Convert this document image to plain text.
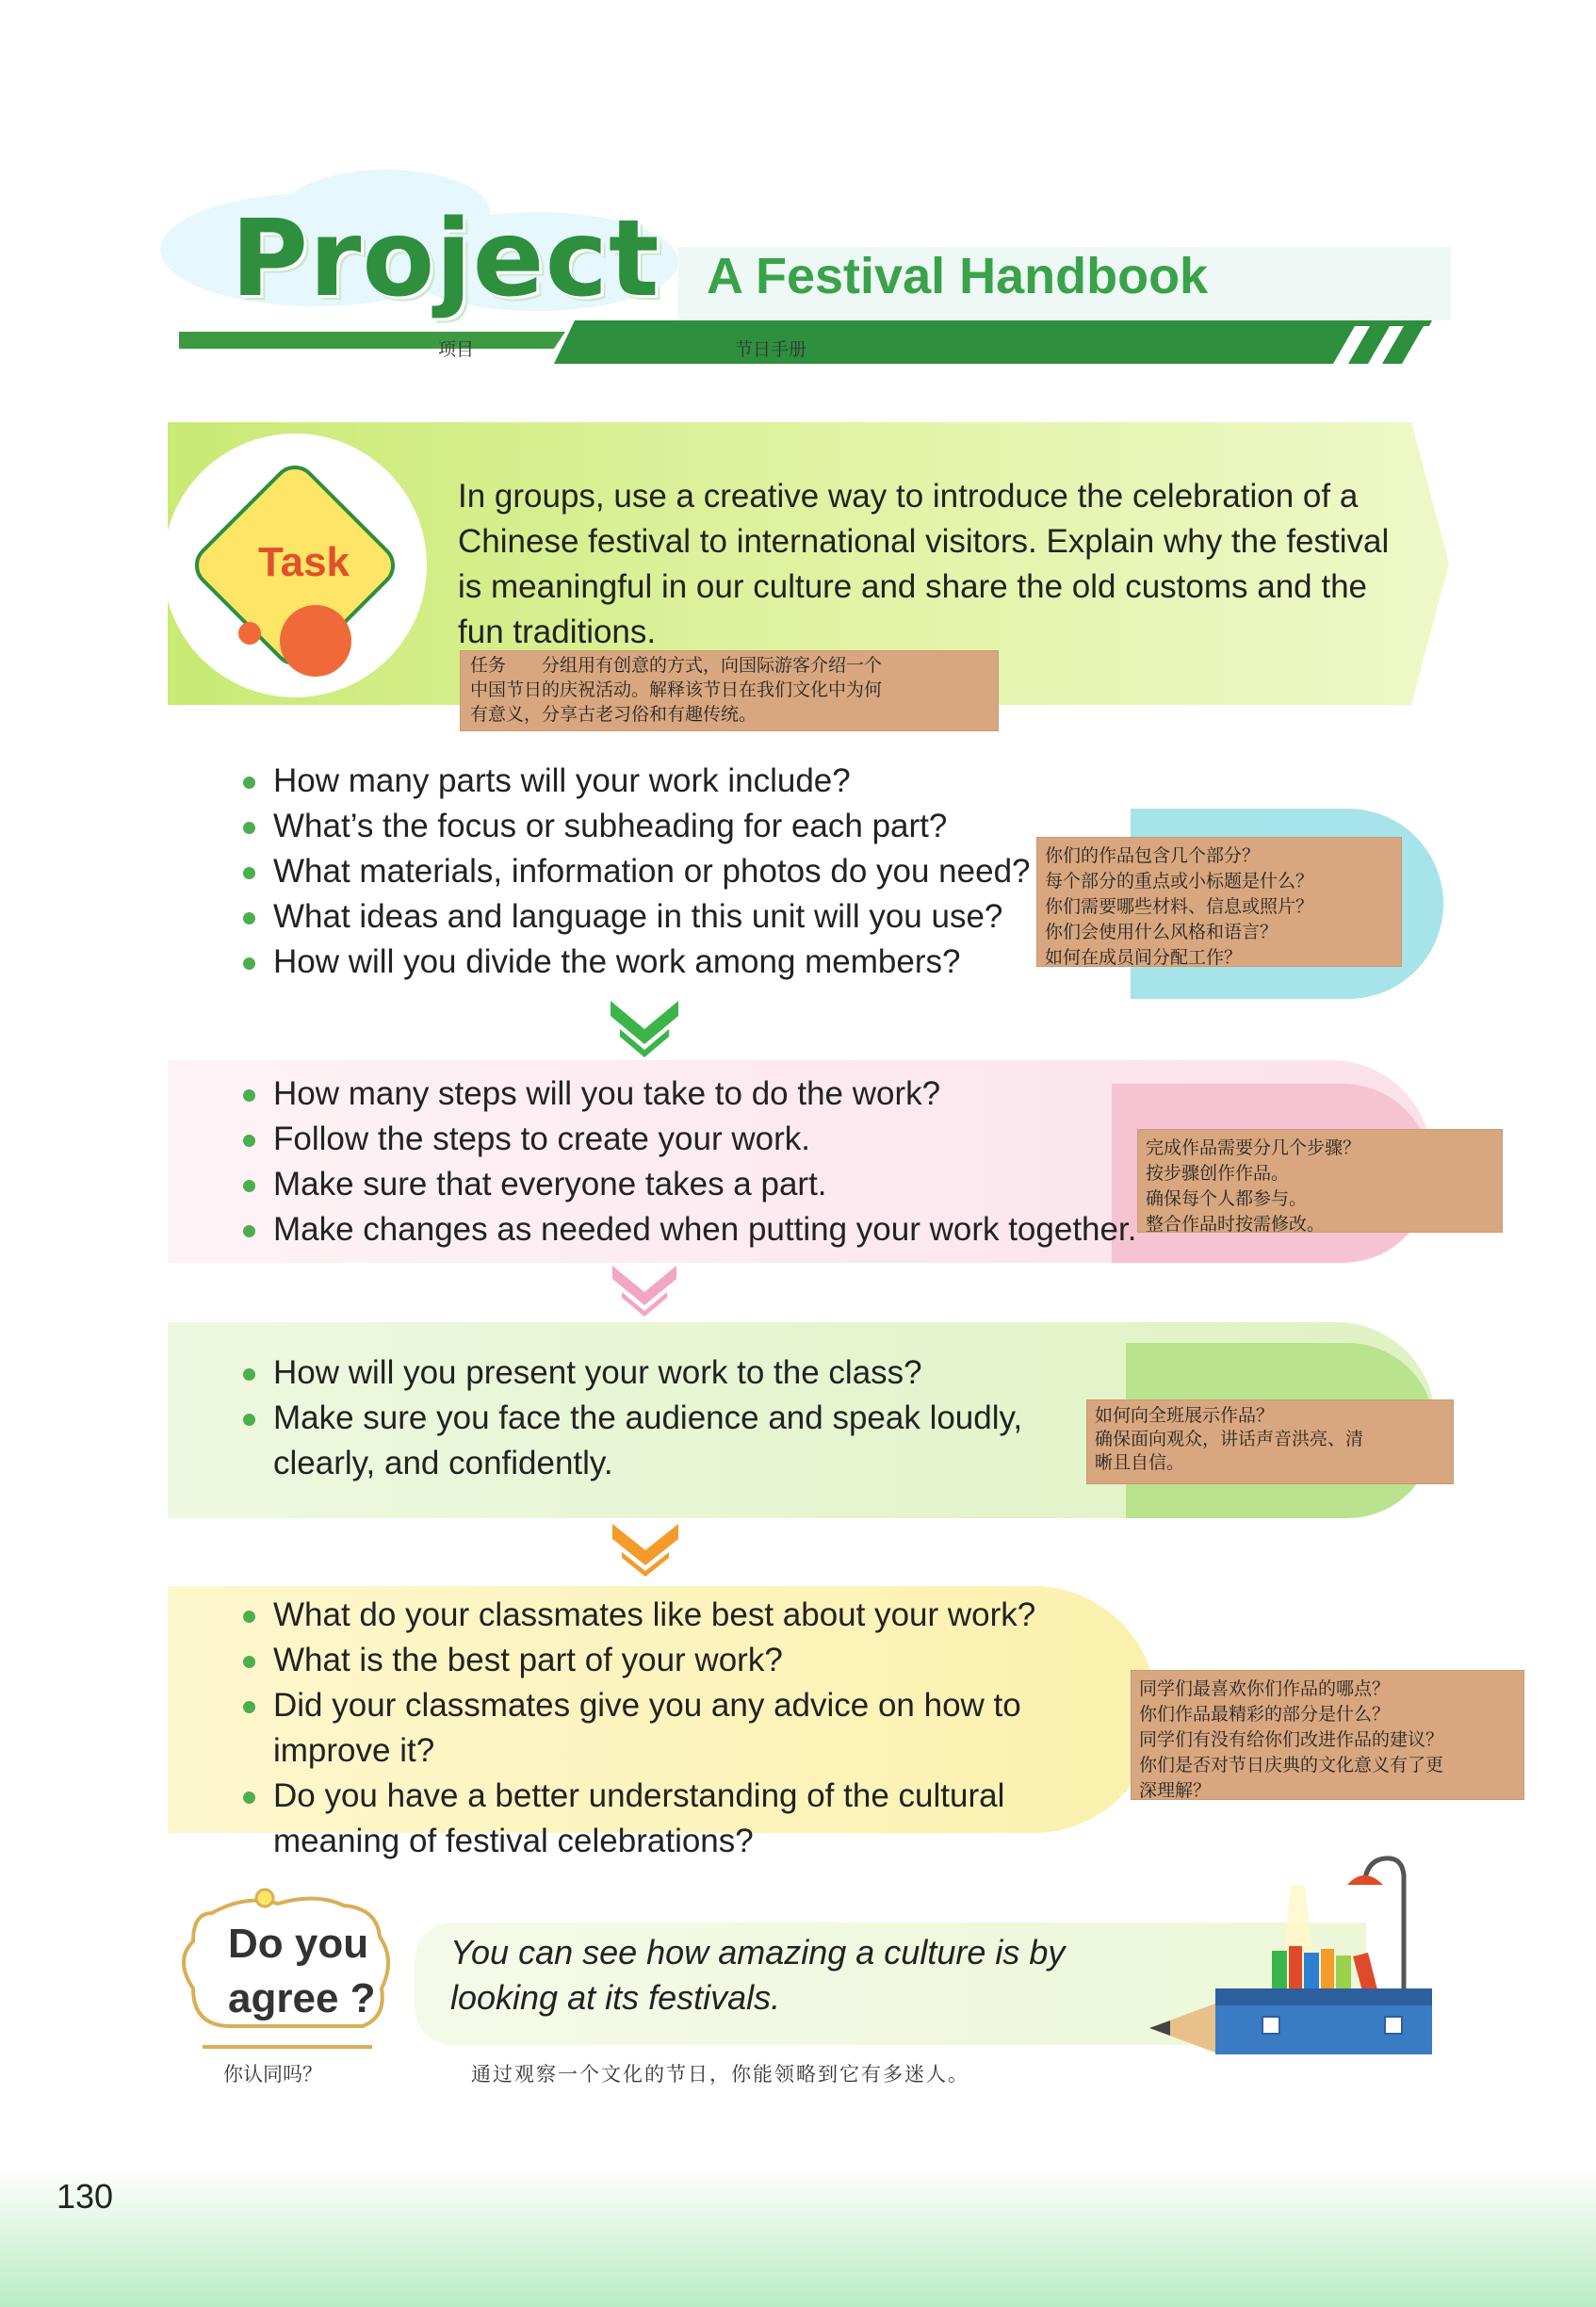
Project A Festival Handbook
项目	节日手册
Task
In groups, use a creative way to introduce the celebration of a Chinese festival to international visitors. Explain why the festival is meaningful in our culture and share the old customs and the fun traditions.
任务　　分组用有创意的方式，向国际游客介绍一个
中国节日的庆祝活动。解释该节日在我们文化中为何
有意义，分享古老习俗和有趣传统。
How many parts will your work include?
What’s the focus or subheading for each part?
What materials, information or photos do you need?
What ideas and language in this unit will you use?
How will you divide the work among members?
你们的作品包含几个部分？
每个部分的重点或小标题是什么？
你们需要哪些材料、信息或照片？
你们会使用什么风格和语言？
如何在成员间分配工作？
How many steps will you take to do the work?
Follow the steps to create your work.
Make sure that everyone takes a part.
Make changes as needed when putting your work together.
完成作品需要分几个步骤？
按步骤创作作品。
确保每个人都参与。
整合作品时按需修改。
How will you present your work to the class?
Make sure you face the audience and speak loudly, clearly, and confidently.
如何向全班展示作品？
确保面向观众，讲话声音洪亮、清
晰且自信。
What do your classmates like best about your work?
What is the best part of your work?
Did your classmates give you any advice on how to improve it?
Do you have a better understanding of the cultural meaning of festival celebrations?
同学们最喜欢你们作品的哪点？
你们作品最精彩的部分是什么？
同学们有没有给你们改进作品的建议？
你们是否对节日庆典的文化意义有了更
深理解？
Do you
agree ?
你认同吗？
You can see how amazing a culture is by looking at its festivals.
通过观察一个文化的节日，你能领略到它有多迷人。
130
